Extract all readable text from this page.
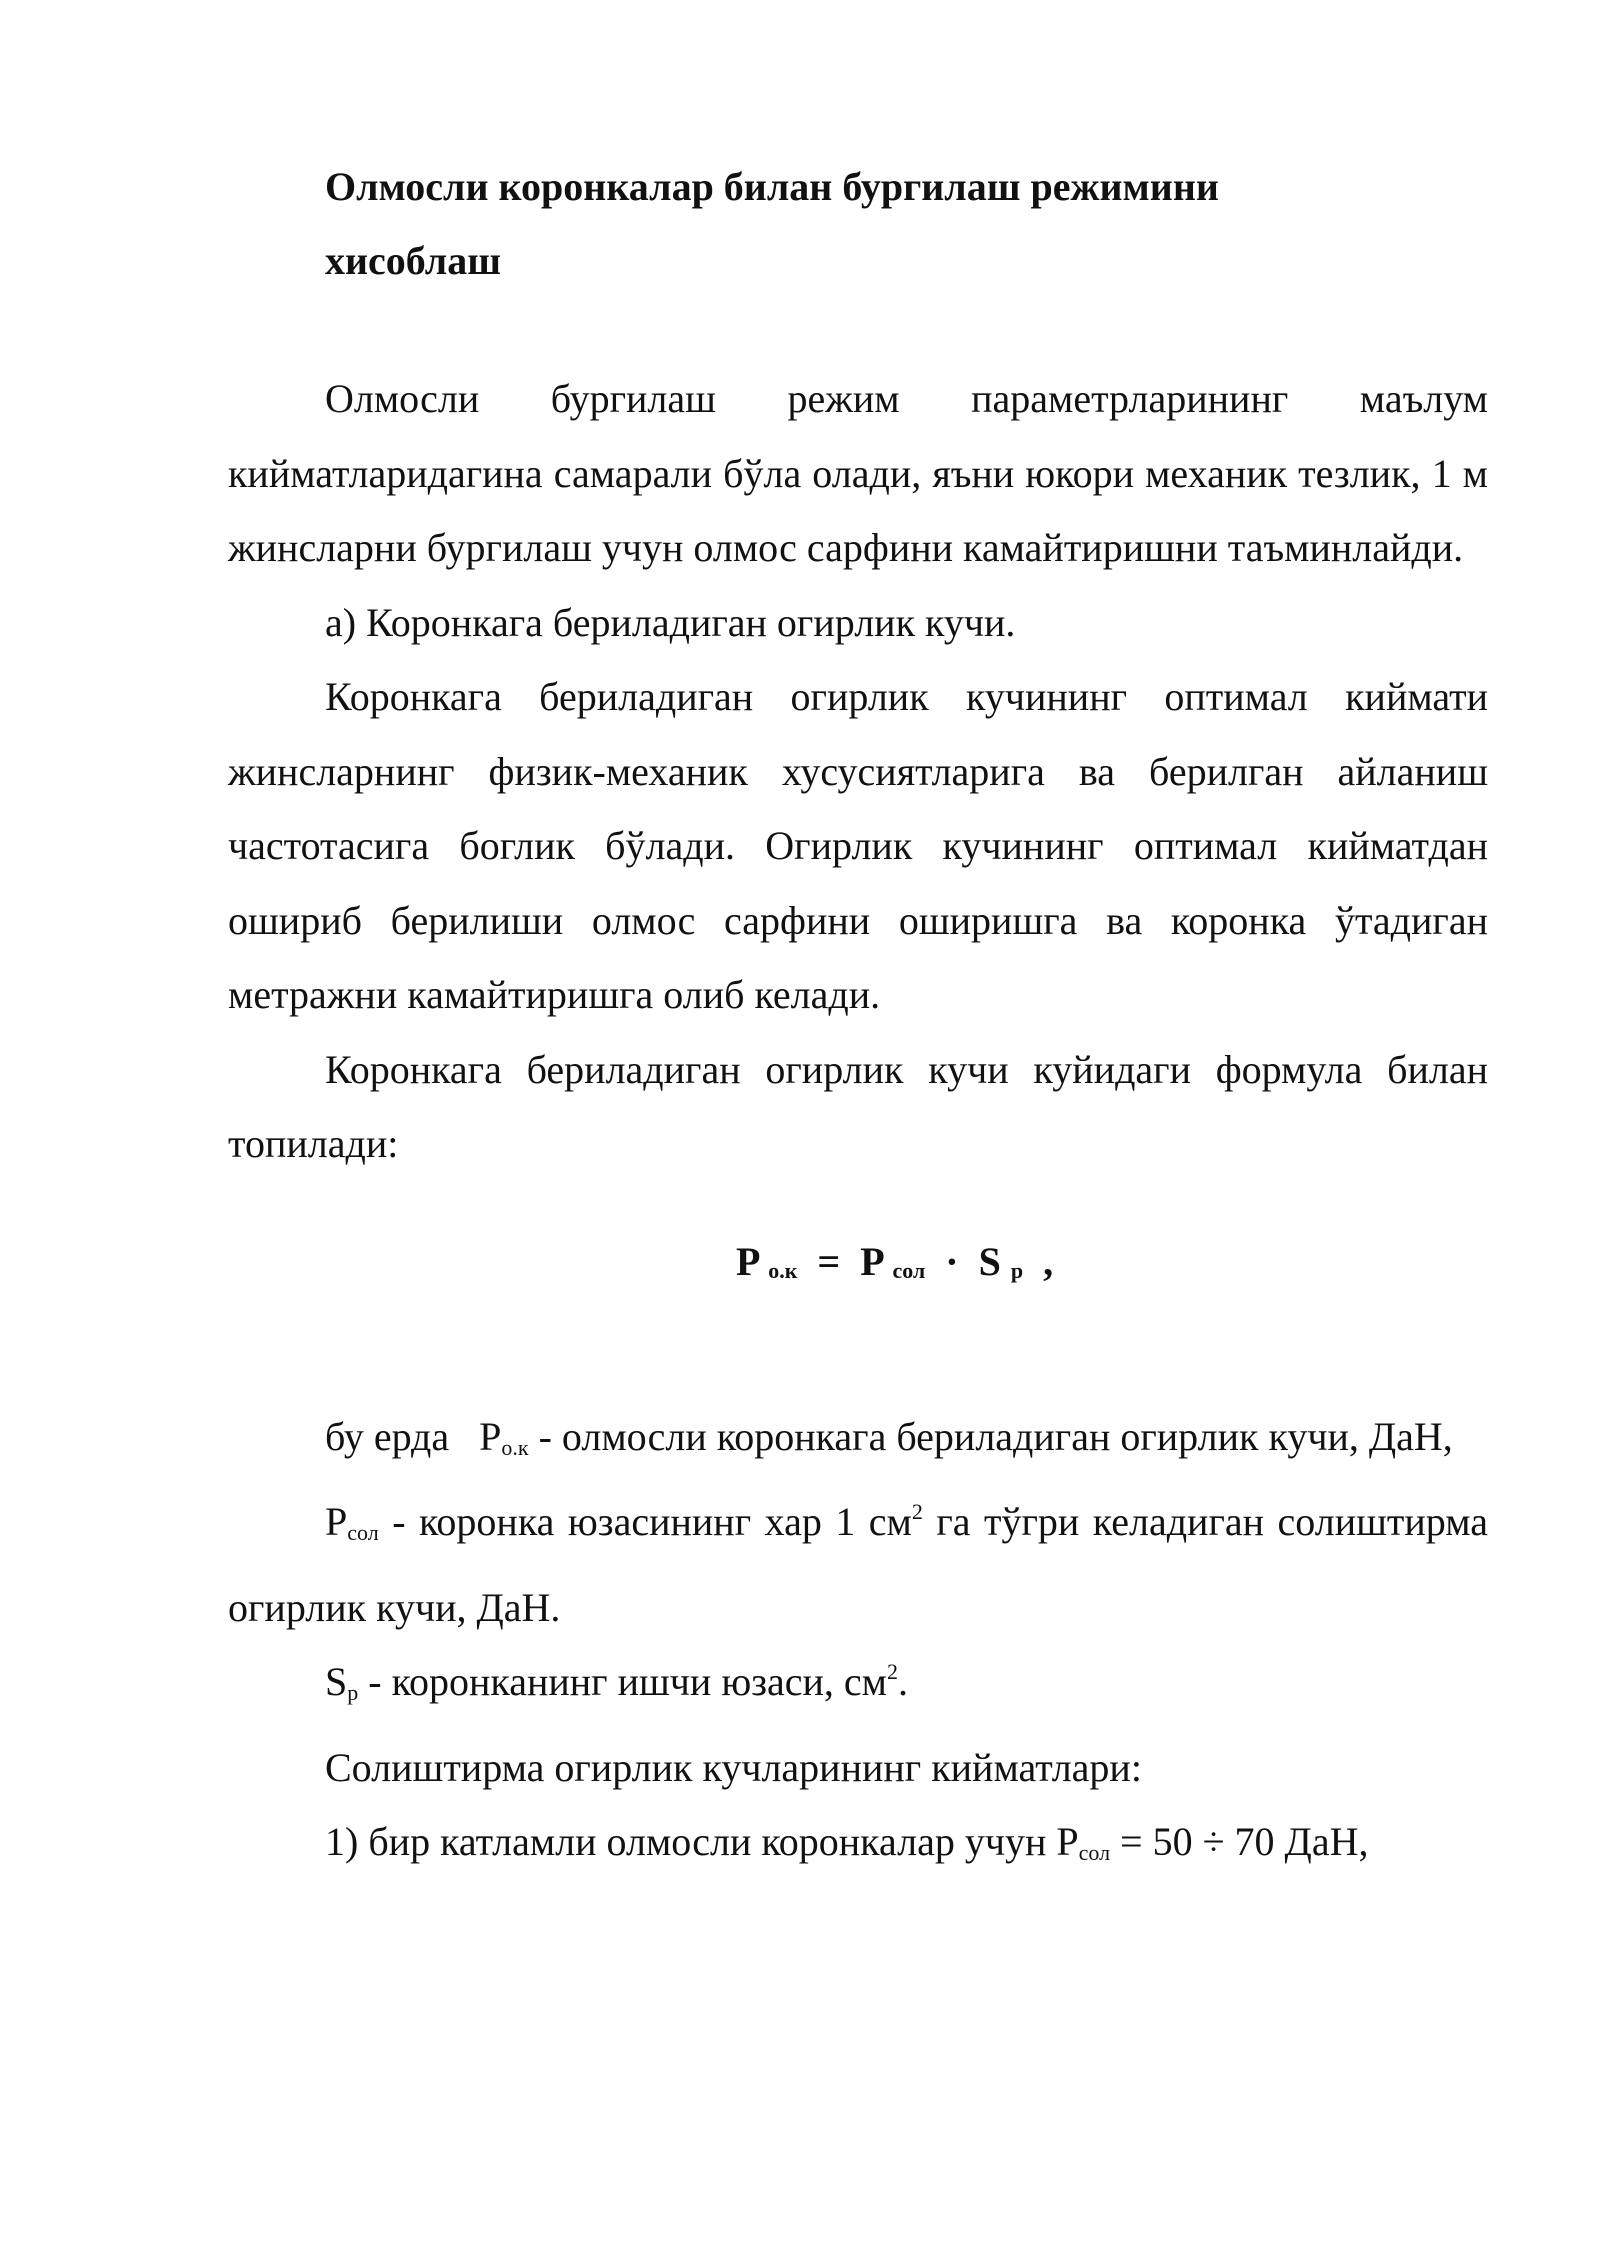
Олмосли коронкалар билан бургилаш режимини
хисоблаш

Олмосли бургилаш режим параметрларининг маълум кийматларидагина самарали бўла олади, яъни юкори механик тезлик, 1 м жинсларни бургилаш учун олмос сарфини камайтиришни таъминлайди.

а) Коронкага бериладиган огирлик кучи.

Коронкага бериладиган огирлик кучининг оптимал киймати жинсларнинг физик-механик хусусиятларига ва берилган айланиш частотасига боглик бўлади. Огирлик кучининг оптимал кийматдан ошириб берилиши олмос сарфини оширишга ва коронка ўтадиган метражни камайтиришга олиб келади.

Коронкага бериладиган огирлик кучи куйидаги формула билан топилади:

P о.к  =  P сол  ·  S р  ,

бу ерда   Pо.к - олмосли коронкага бериладиган огирлик кучи, ДаН,

Pсол - коронка юзасининг хар 1 $см^2$ га тўгри келадиган солиштирма огирлик кучи, ДаН.

Sр - коронканинг ишчи юзаси, $см^2$.

Солиштирма огирлик кучларининг кийматлари:

1) бир катламли олмосли коронкалар учун Pсол = 50 ÷ 70 ДаН,
